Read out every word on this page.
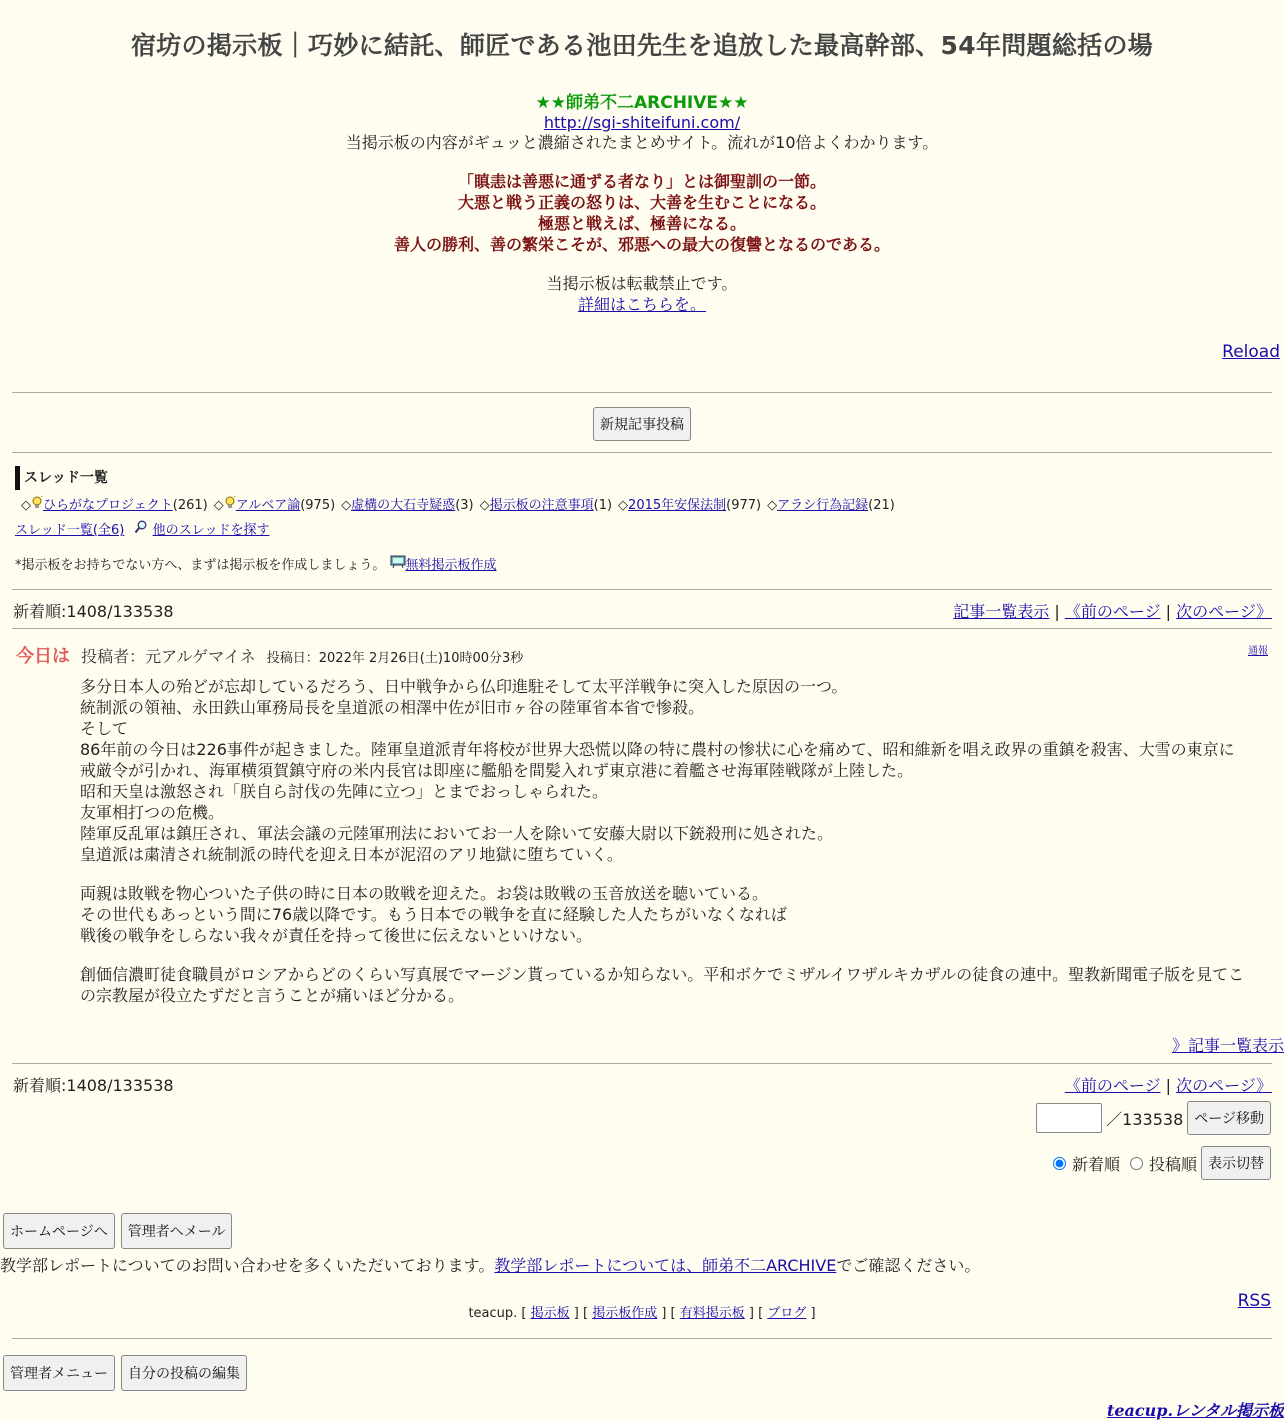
宿坊の掲示板｜巧妙に結託、師匠である池田先生を追放した最高幹部、54年問題総括の場
★★師弟不二ARCHIVE★★
http://sgi-shiteifuni.com/
当掲示板の内容がギュッと濃縮されたまとめサイト。流れが10倍よくわかります。
「瞋恚は善悪に通ずる者なり」とは御聖訓の一節。
大悪と戦う正義の怒りは、大善を生むことになる。
極悪と戦えば、極善になる。
善人の勝利、善の繁栄こそが、邪悪への最大の復讐となるのである。
当掲示板は転載禁止です。
詳細はこちらを。
Reload
新規記事投稿
スレッド一覧
◇ ひらがなプロジェクト(261) ◇ アルベア論(975) ◇虚構の大石寺疑惑(3) ◇掲示板の注意事項(1) ◇2015年安保法制(977) ◇アラシ行為記録(21)
スレッド一覧(全6) 他のスレッドを探す
*掲示板をお持ちでない方へ、まずは掲示板を作成しましょう。 無料掲示板作成
新着順:1408/133538	記事一覧表示 | 《前のページ | 次のページ》
今日は 投稿者：元アルゲマイネ 投稿日：2022年 2月26日(土)10時00分3秒	通報

多分日本人の殆どが忘却しているだろう、日中戦争から仏印進駐そして太平洋戦争に突入した原因の一つ。
統制派の領袖、永田鉄山軍務局長を皇道派の相澤中佐が旧市ヶ谷の陸軍省本省で惨殺。
そして
86年前の今日は226事件が起きました。陸軍皇道派青年将校が世界大恐慌以降の特に農村の惨状に心を痛めて、昭和維新を唱え政界の重鎮を殺害、大雪の東京に戒厳令が引かれ、海軍横須賀鎮守府の米内長官は即座に艦船を間髪入れず東京港に着艦させ海軍陸戦隊が上陸した。
昭和天皇は激怒され「朕自ら討伐の先陣に立つ」とまでおっしゃられた。
友軍相打つの危機。
陸軍反乱軍は鎮圧され、軍法会議の元陸軍刑法においてお一人を除いて安藤大尉以下銃殺刑に処された。
皇道派は粛清され統制派の時代を迎え日本が泥沼のアリ地獄に堕ちていく。

両親は敗戦を物心ついた子供の時に日本の敗戦を迎えた。お袋は敗戦の玉音放送を聴いている。
その世代もあっという間に76歳以降です。もう日本での戦争を直に経験した人たちがいなくなれば
戦後の戦争をしらない我々が責任を持って後世に伝えないといけない。

創価信濃町徒食職員がロシアからどのくらい写真展でマージン貰っているか知らない。平和ボケでミザルイワザルキカザルの徒食の連中。聖教新聞電子版を見てこの宗教屋が役立たずだと言うことが痛いほど分かる。

》記事一覧表示
新着順:1408/133538	《前のページ | 次のページ》
／133538 ページ移動
新着順 投稿順 表示切替
ホームページへ	管理者へメール
教学部レポートについてのお問い合わせを多くいただいております。教学部レポートについては、師弟不二ARCHIVEでご確認ください。
RSS
teacup. [ 掲示板 ] [ 掲示板作成 ] [ 有料掲示板 ] [ ブログ ]
管理者メニュー	自分の投稿の編集
teacup.レンタル掲示板
